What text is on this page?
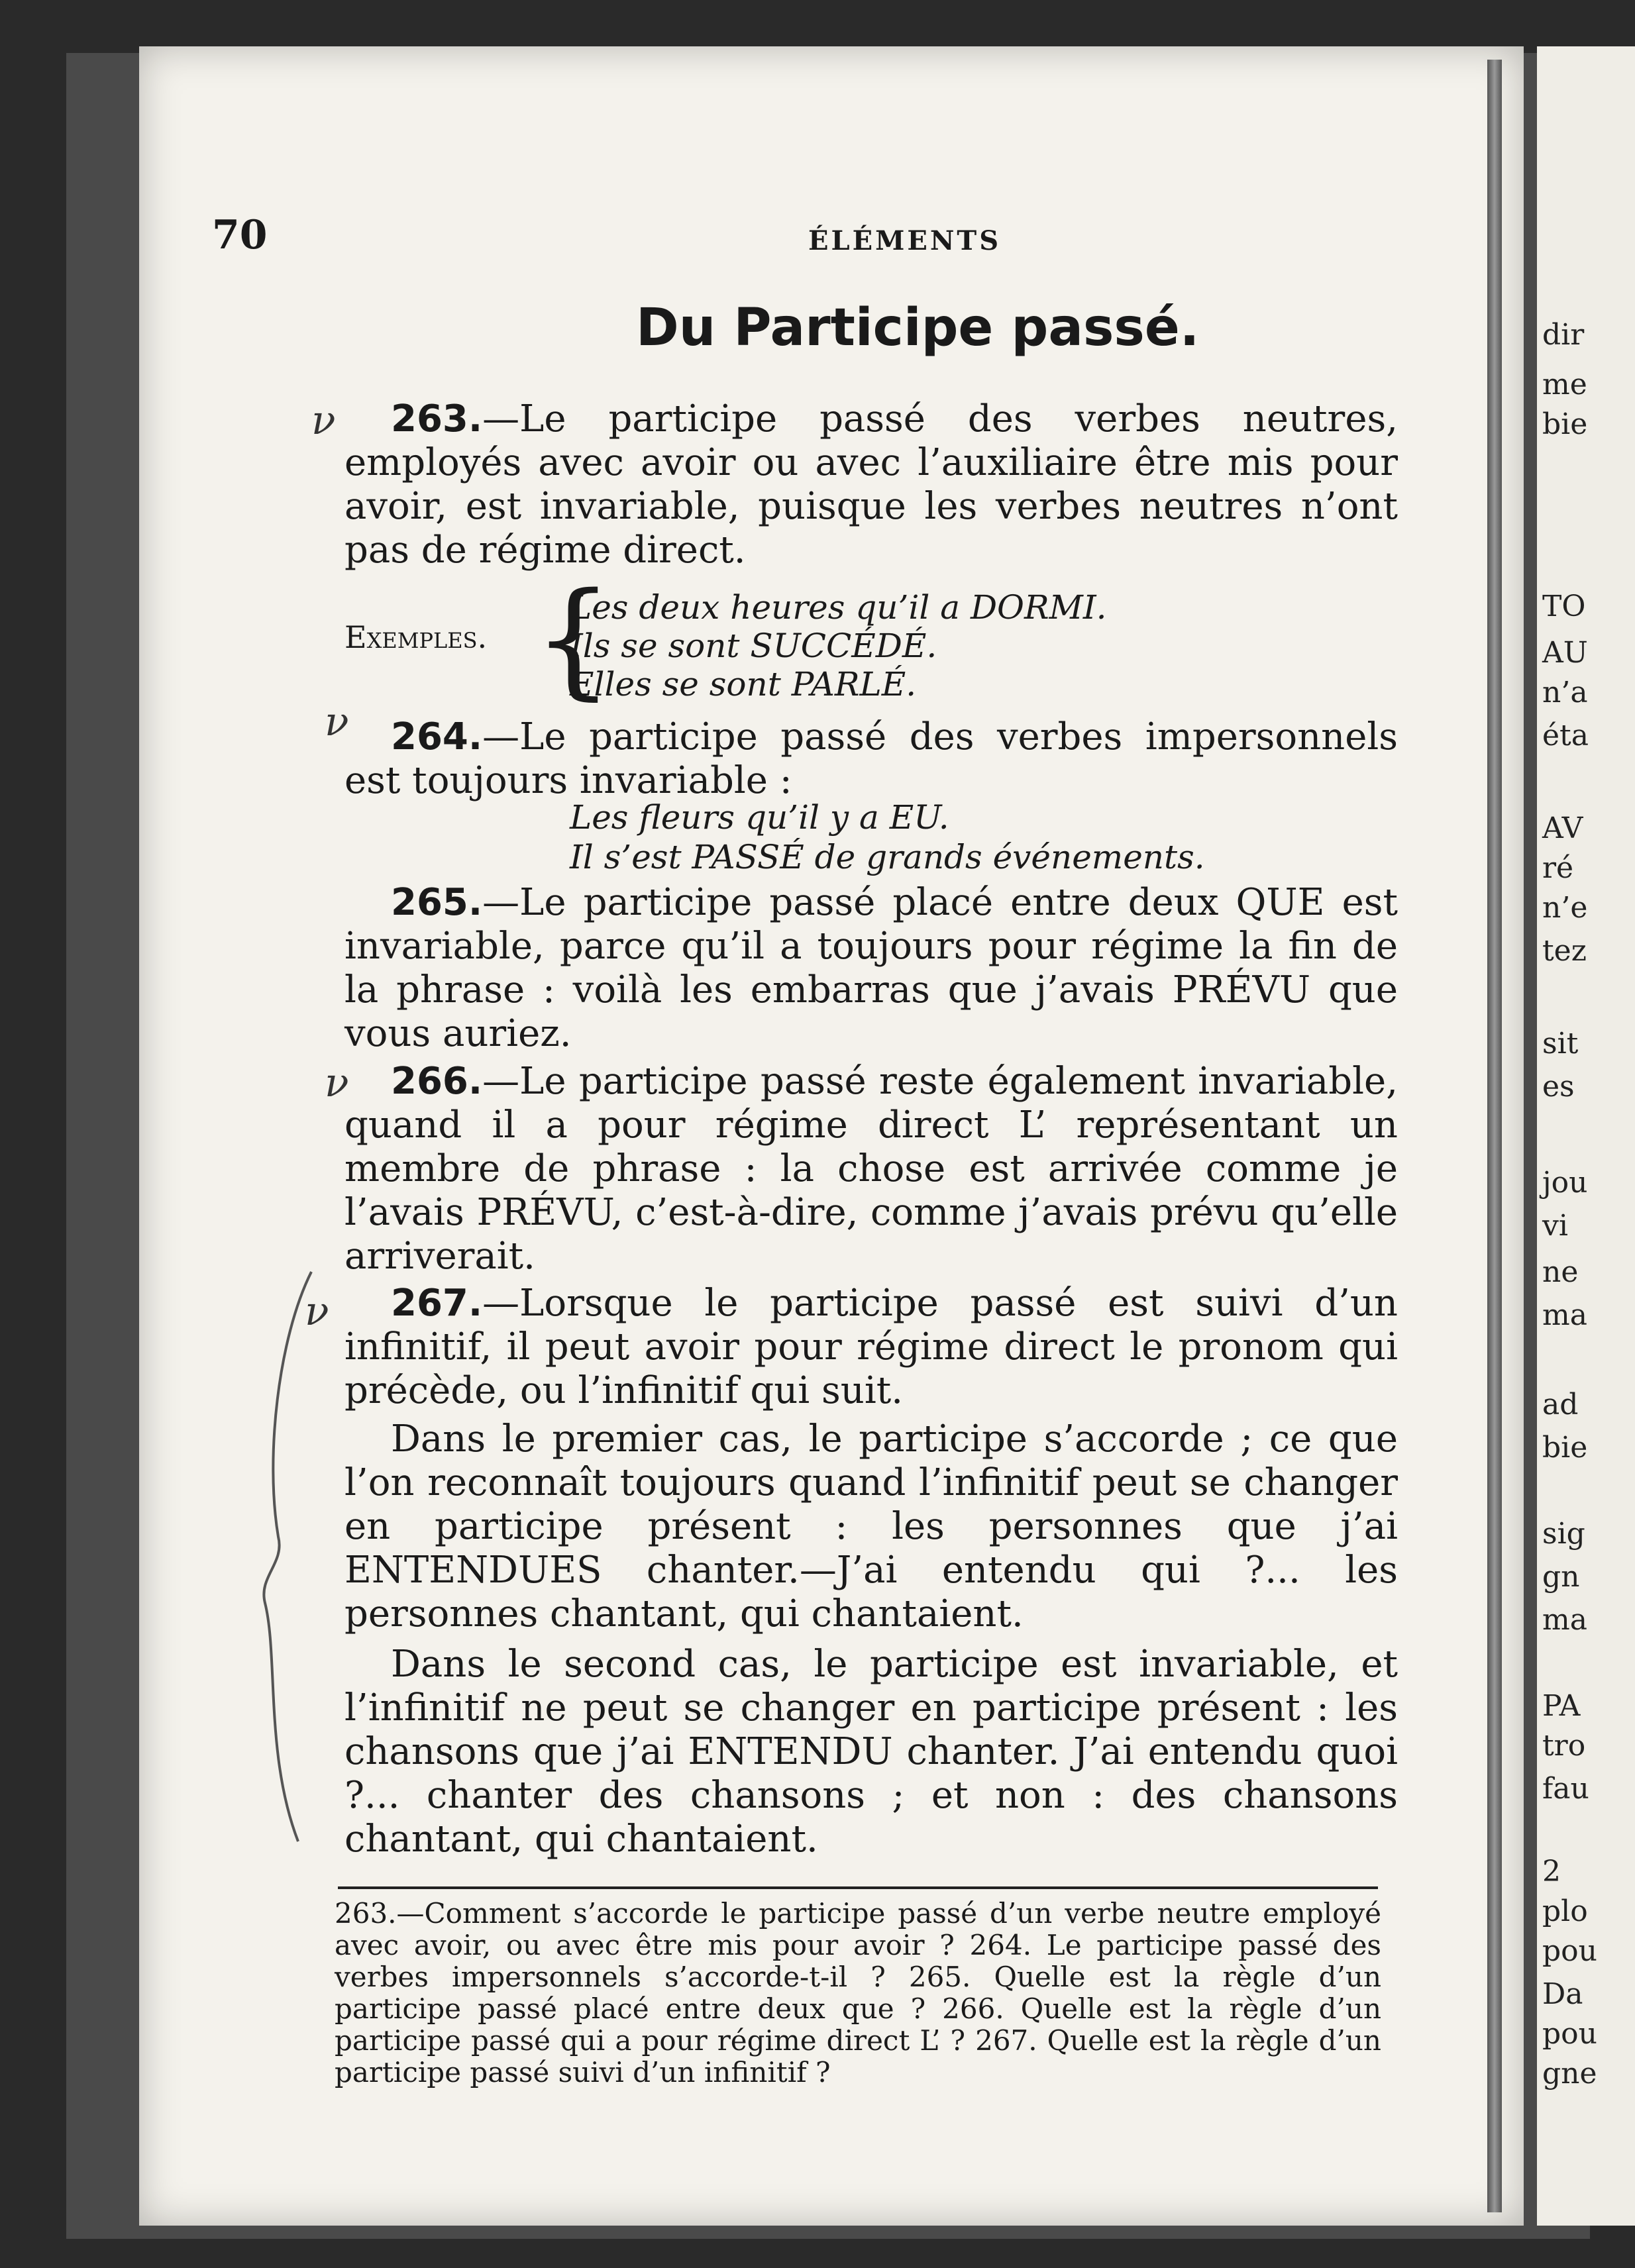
dir
me
bie
TO
AU
n’a
éta
AV
ré
n’e
tez
sit
es
jou
vi
ne
ma
ad
bie
sig
gn
ma
PA
tro
fau
2
plo
pou
Da
pou
gne
70	ÉLÉMENTS
Du Participe passé.
ν
ν
ν
ν
263.—Le participe passé des verbes neutres, employés avec avoir ou avec l’auxiliaire être mis pour avoir, est invariable, puisque les verbes neutres n’ont pas de régime direct.
Exemples. {
Les deux heures qu’il a DORMI.
Ils se sont SUCCÉDÉ.
Elles se sont PARLÉ.
264.—Le participe passé des verbes impersonnels est toujours invariable :
Les fleurs qu’il y a EU.
Il s’est PASSÉ de grands événements.
265.—Le participe passé placé entre deux QUE est invariable, parce qu’il a toujours pour régime la fin de la phrase : voilà les embarras que j’avais PRÉVU que vous auriez.
266.—Le participe passé reste également invariable, quand il a pour régime direct L’ représentant un membre de phrase : la chose est arrivée comme je l’avais PRÉVU, c’est-à-dire, comme j’avais prévu qu’elle arriverait.
267.—Lorsque le participe passé est suivi d’un infinitif, il peut avoir pour régime direct le pronom qui précède, ou l’infinitif qui suit.
Dans le premier cas, le participe s’accorde ; ce que l’on reconnaît toujours quand l’infinitif peut se changer en participe présent : les personnes que j’ai ENTENDUES chanter.—J’ai entendu qui ?... les personnes chantant, qui chantaient.
Dans le second cas, le participe est invariable, et l’infinitif ne peut se changer en participe présent : les chansons que j’ai ENTENDU chanter. J’ai entendu quoi ?... chanter des chansons ; et non : des chansons chantant, qui chantaient.
263.—Comment s’accorde le participe passé d’un verbe neutre employé avec avoir, ou avec être mis pour avoir ? 264. Le participe passé des verbes impersonnels s’accorde-t-il ? 265. Quelle est la règle d’un participe passé placé entre deux que ? 266. Quelle est la règle d’un participe passé qui a pour régime direct L’ ? 267. Quelle est la règle d’un participe passé suivi d’un infinitif ?
